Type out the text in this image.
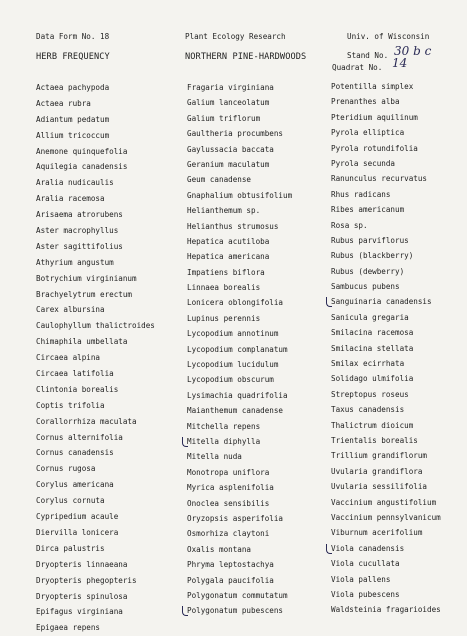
Data Form No. 18	Plant Ecology Research	Univ. of Wisconsin
HERB FREQUENCY	NORTHERN PINE-HARDWOODS	Stand No. 30 b c
Quadrat No. 14
Actaea pachypoda
Actaea rubra
Adiantum pedatum
Allium tricoccum
Anemone quinquefolia
Aquilegia canadensis
Aralia nudicaulis
Aralia racemosa
Arisaema atrorubens
Aster macrophyllus
Aster sagittifolius
Athyrium angustum
Botrychium virginianum
Brachyelytrum erectum
Carex albursina
Caulophyllum thalictroides
Chimaphila umbellata
Circaea alpina
Circaea latifolia
Clintonia borealis
Coptis trifolia
Corallorrhiza maculata
Cornus alternifolia
Cornus canadensis
Cornus rugosa
Corylus americana
Corylus cornuta
Cypripedium acaule
Diervilla lonicera
Dirca palustris
Dryopteris linnaeana
Dryopteris phegopteris
Dryopteris spinulosa
Epifagus virginiana
Epigaea repens
Fragaria virginiana
Galium lanceolatum
Galium triflorum
Gaultheria procumbens
Gaylussacia baccata
Geranium maculatum
Geum canadense
Gnaphalium obtusifolium
Helianthemum sp.
Helianthus strumosus
Hepatica acutiloba
Hepatica americana
Impatiens biflora
Linnaea borealis
Lonicera oblongifolia
Lupinus perennis
Lycopodium annotinum
Lycopodium complanatum
Lycopodium lucidulum
Lycopodium obscurum
Lysimachia quadrifolia
Maianthemum canadense
Mitchella repens
Mitella diphylla
Mitella nuda
Monotropa uniflora
Myrica asplenifolia
Onoclea sensibilis
Oryzopsis asperifolia
Osmorhiza claytoni
Oxalis montana
Phryma leptostachya
Polygala paucifolia
Polygonatum commutatum
Polygonatum pubescens
Potentilla simplex
Prenanthes alba
Pteridium aquilinum
Pyrola elliptica
Pyrola rotundifolia
Pyrola secunda
Ranunculus recurvatus
Rhus radicans
Ribes americanum
Rosa sp.
Rubus parviflorus
Rubus (blackberry)
Rubus (dewberry)
Sambucus pubens
Sanguinaria canadensis
Sanicula gregaria
Smilacina racemosa
Smilacina stellata
Smilax ecirrhata
Solidago ulmifolia
Streptopus roseus
Taxus canadensis
Thalictrum dioicum
Trientalis borealis
Trillium grandiflorum
Uvularia grandiflora
Uvularia sessilifolia
Vaccinium angustifolium
Vaccinium pennsylvanicum
Viburnum acerifolium
Viola canadensis
Viola cucullata
Viola pallens
Viola pubescens
Waldsteinia fragarioides
